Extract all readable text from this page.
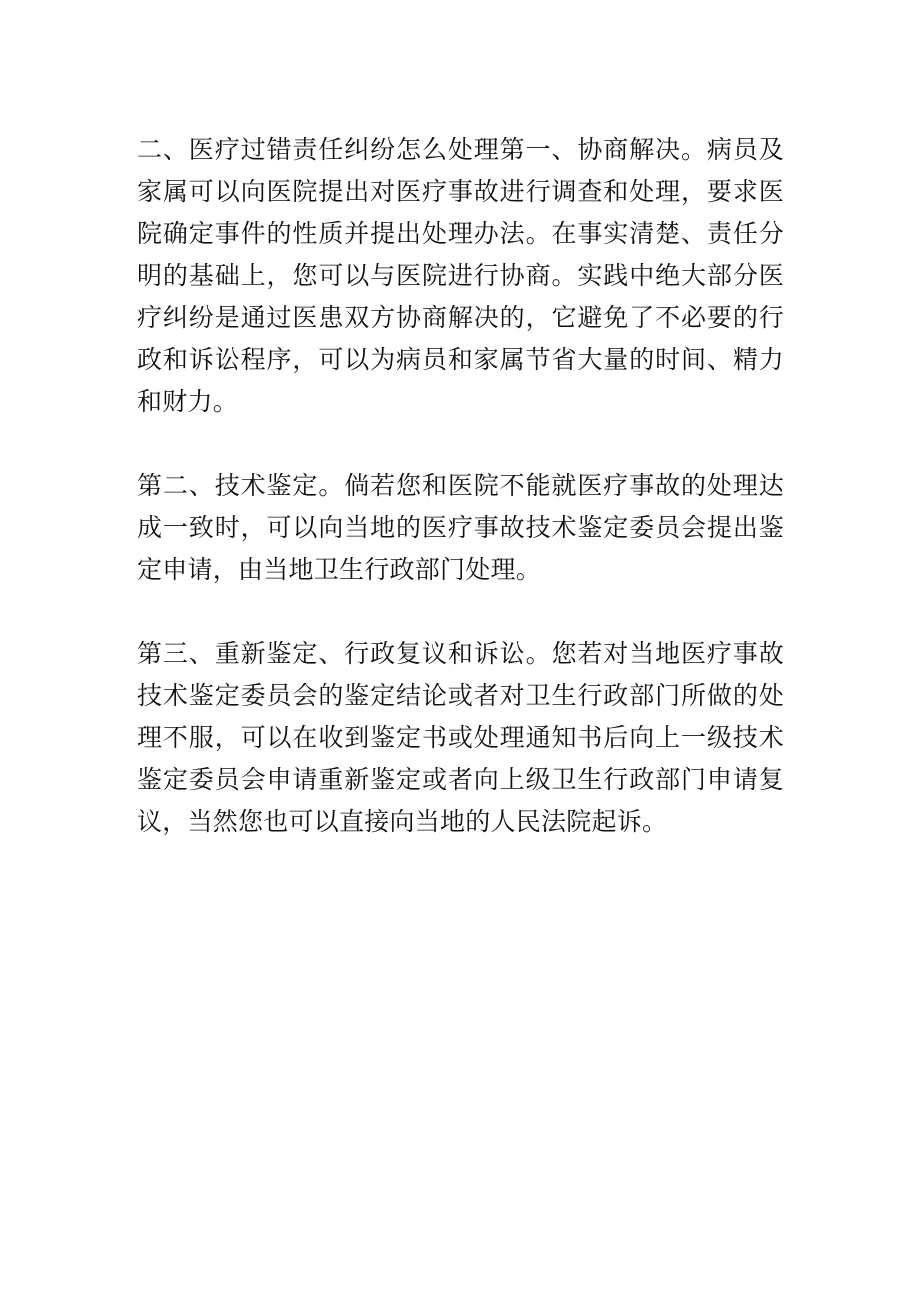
二、医疗过错责任纠纷怎么处理第一、协商解决。病员及家属可以向医院提出对医疗事故进行调查和处理，要求医院确定事件的性质并提出处理办法。在事实清楚、责任分明的基础上，您可以与医院进行协商。实践中绝大部分医疗纠纷是通过医患双方协商解决的，它避免了不必要的行政和诉讼程序，可以为病员和家属节省大量的时间、精力和财力。

第二、技术鉴定。倘若您和医院不能就医疗事故的处理达成一致时，可以向当地的医疗事故技术鉴定委员会提出鉴定申请，由当地卫生行政部门处理。

第三、重新鉴定、行政复议和诉讼。您若对当地医疗事故技术鉴定委员会的鉴定结论或者对卫生行政部门所做的处理不服，可以在收到鉴定书或处理通知书后向上一级技术鉴定委员会申请重新鉴定或者向上级卫生行政部门申请复议，当然您也可以直接向当地的人民法院起诉。
